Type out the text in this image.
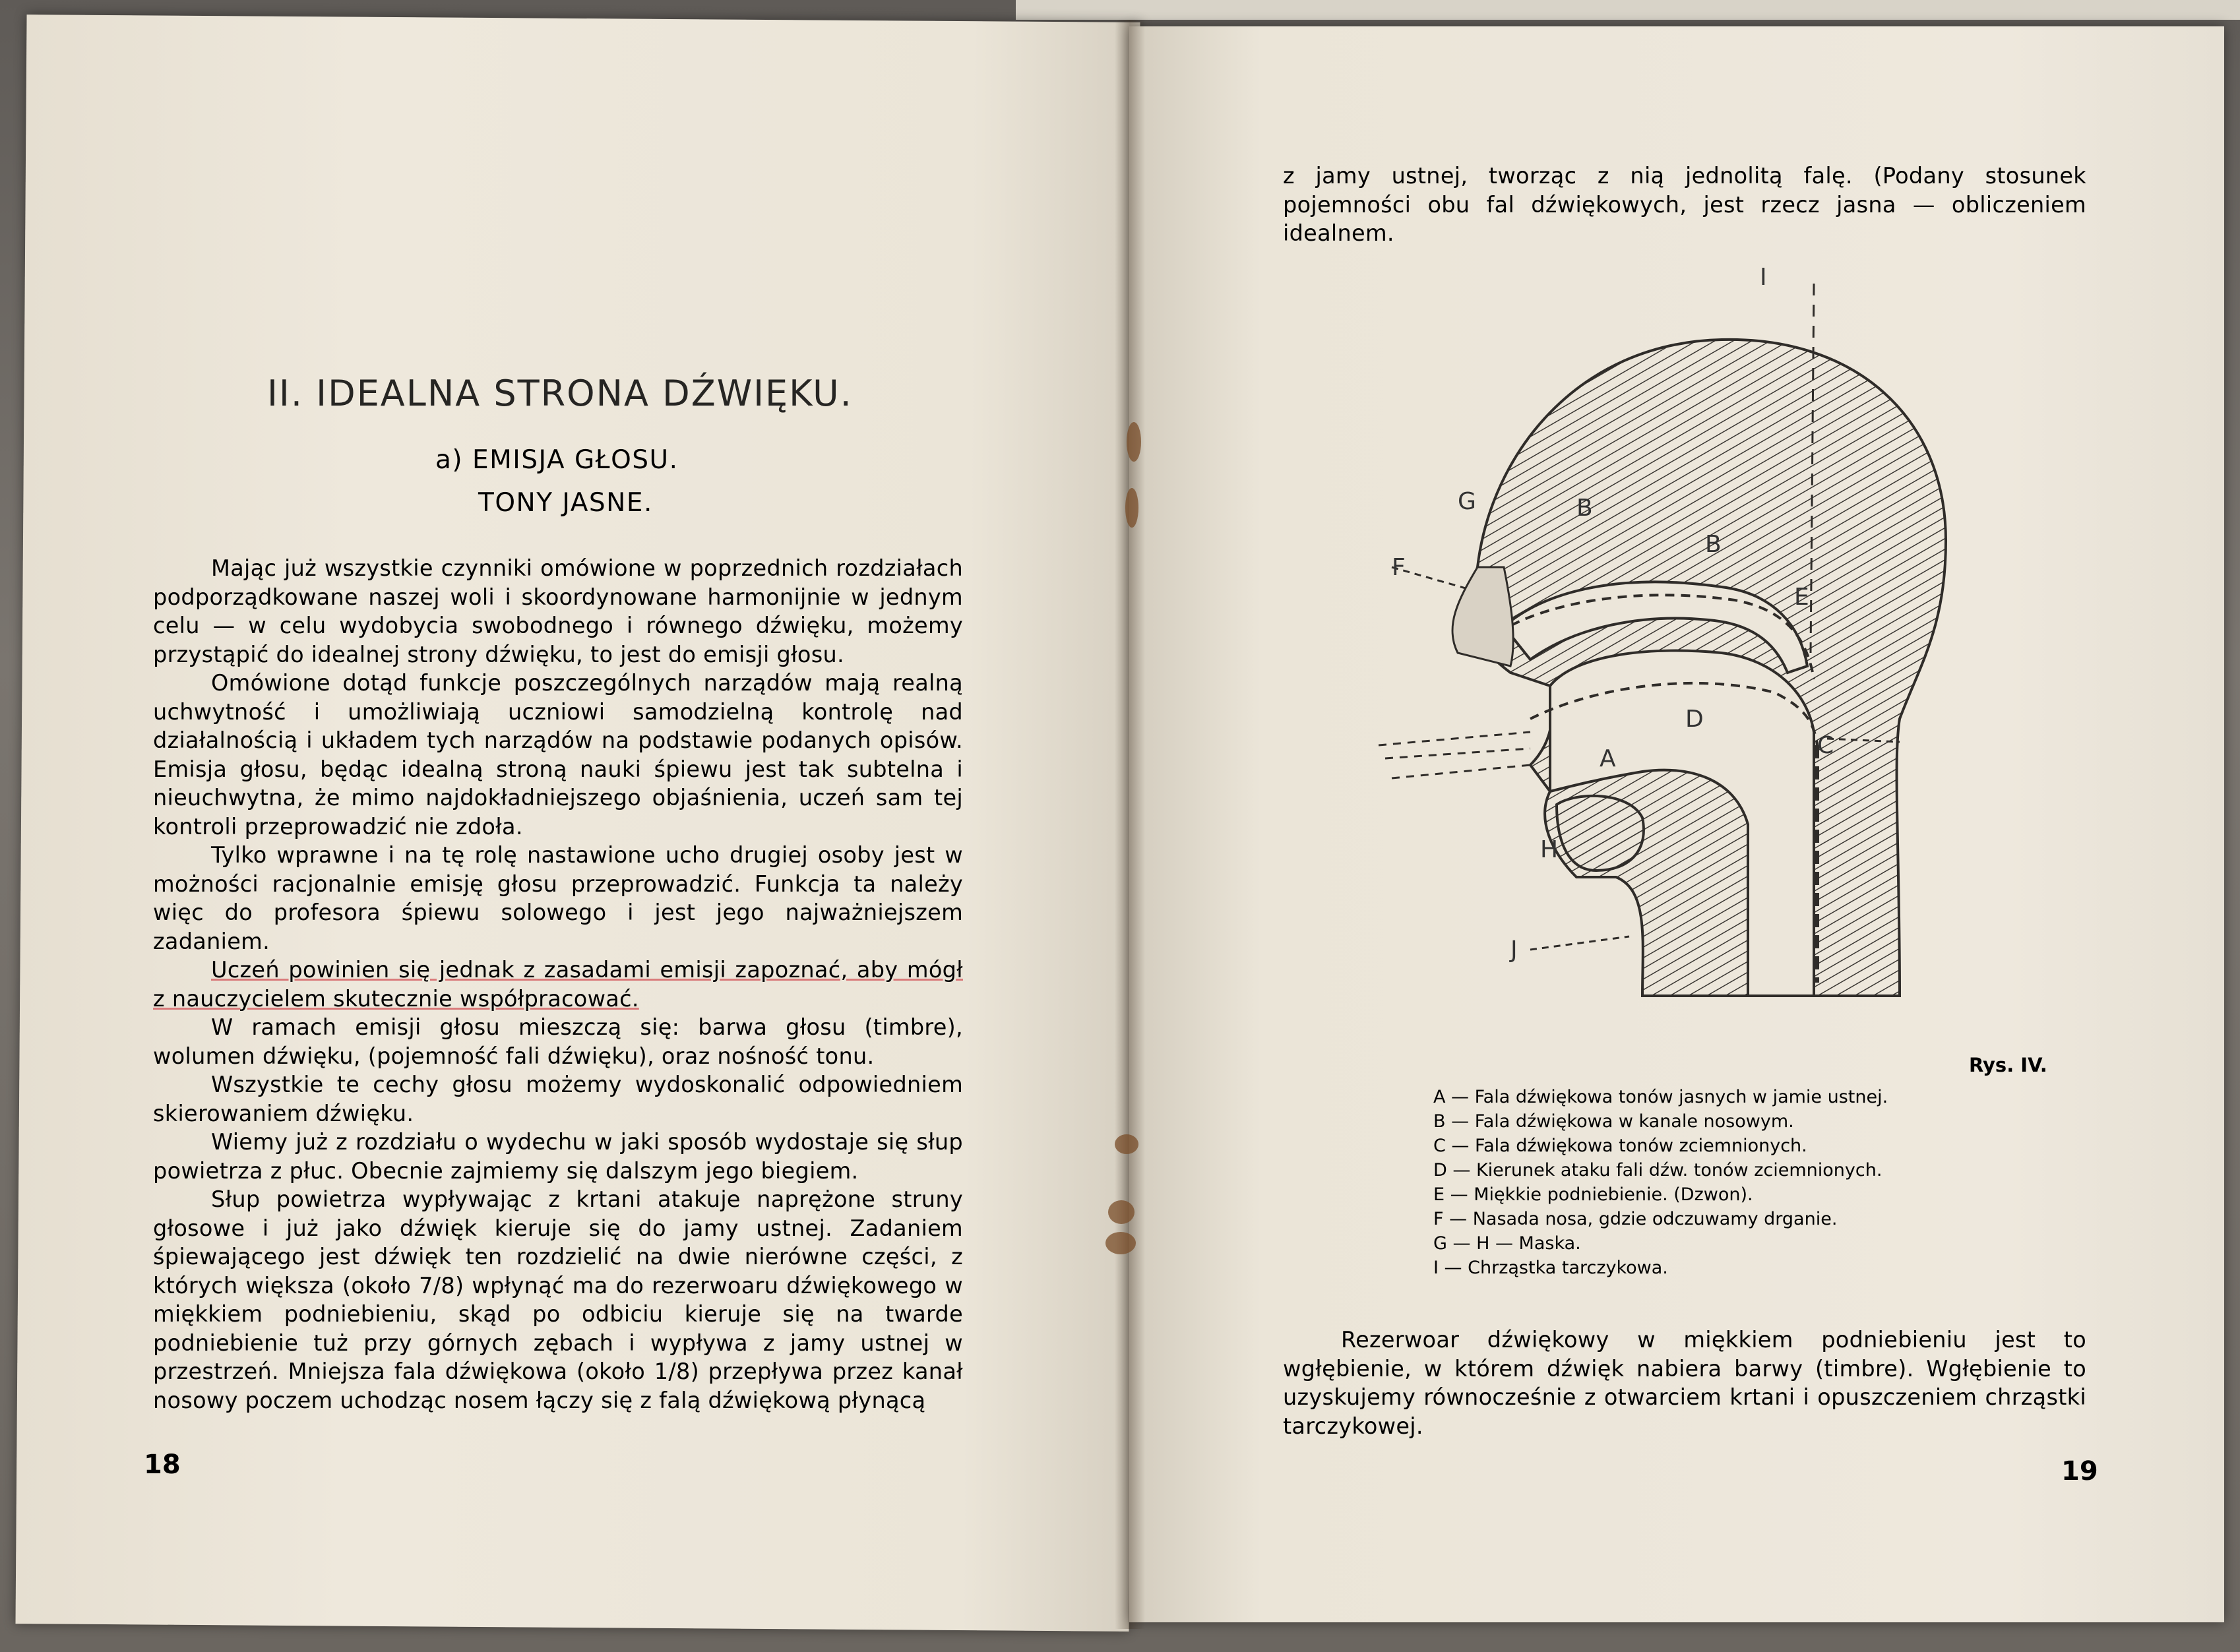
II. IDEALNA STRONA DŹWIĘKU.
a) EMISJA GŁOSU.
TONY JASNE.

Mając już wszystkie czynniki omówione w poprzednich rozdziałach podporządkowane naszej woli i skoordynowane harmonijnie w jednym celu — w celu wydobycia swobodnego i równego dźwięku, możemy przystąpić do idealnej strony dźwięku, to jest do emisji głosu.

Omówione dotąd funkcje poszczególnych narządów mają realną uchwytność i umożliwiają uczniowi samodzielną kontrolę nad działalnością i układem tych narządów na podstawie podanych opisów. Emisja głosu, będąc idealną stroną nauki śpiewu jest tak subtelna i nieuchwytna, że mimo najdokładniejszego objaśnienia, uczeń sam tej kontroli przeprowadzić nie zdoła.

Tylko wprawne i na tę rolę nastawione ucho drugiej osoby jest w możności racjonalnie emisję głosu przeprowadzić. Funkcja ta należy więc do profesora śpiewu solowego i jest jego najważniejszem zadaniem.

Uczeń powinien się jednak z zasadami emisji zapoznać, aby mógł z nauczycielem skutecznie współpracować.

W ramach emisji głosu mieszczą się: barwa głosu (timbre), wolumen dźwięku, (pojemność fali dźwięku), oraz nośność tonu.

Wszystkie te cechy głosu możemy wydoskonalić odpowiedniem skierowaniem dźwięku.

Wiemy już z rozdziału o wydechu w jaki sposób wydostaje się słup powietrza z płuc. Obecnie zajmiemy się dalszym jego biegiem.

Słup powietrza wypływając z krtani atakuje naprężone struny głosowe i już jako dźwięk kieruje się do jamy ustnej. Zadaniem śpiewającego jest dźwięk ten rozdzielić na dwie nierówne części, z których większa (około 7/8) wpłynąć ma do rezerwoaru dźwiękowego w miękkiem podniebieniu, skąd po odbiciu kieruje się na twarde podniebienie tuż przy górnych zębach i wypływa z jamy ustnej w przestrzeń. Mniejsza fala dźwiękowa (około 1/8) przepływa przez kanał nosowy poczem uchodząc nosem łączy się z falą dźwiękową płynącą

18

z jamy ustnej, tworząc z nią jednolitą falę. (Podany stosunek pojemności obu fal dźwiękowych, jest rzecz jasna — obliczeniem idealnem.

I
G	B
B
F
E
D
C
A
H
J
Rys. IV.
A — Fala dźwiękowa tonów jasnych w jamie ustnej.
B — Fala dźwiękowa w kanale nosowym.
C — Fala dźwiękowa tonów zciemnionych.
D — Kierunek ataku fali dźw. tonów zciemnionych.
E — Miękkie podniebienie. (Dzwon).
F — Nasada nosa, gdzie odczuwamy drganie.
G — H — Maska.
I — Chrząstka tarczykowa.

Rezerwoar dźwiękowy w miękkiem podniebieniu jest to wgłębienie, w którem dźwięk nabiera barwy (timbre). Wgłębienie to uzyskujemy równocześnie z otwarciem krtani i opuszczeniem chrząstki tarczykowej.

19
